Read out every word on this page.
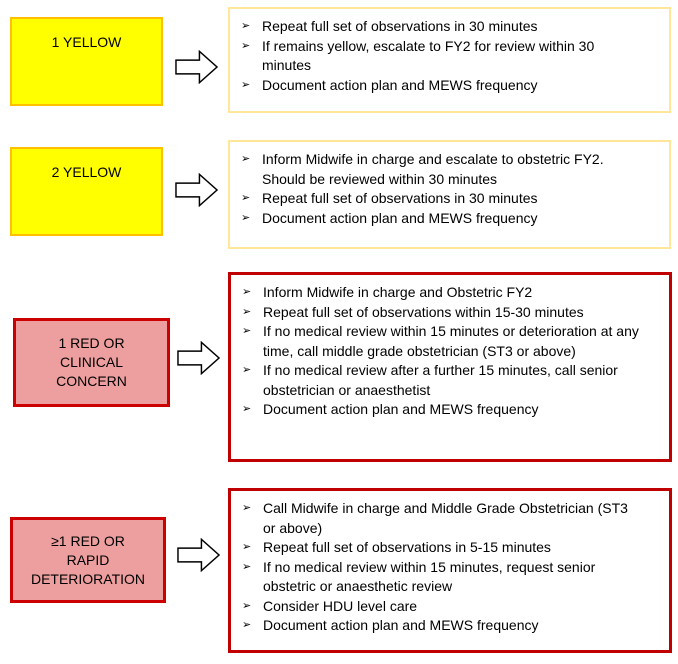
1 YELLOW
➢ Repeat full set of observations in 30 minutes
➢ If remains yellow, escalate to FY2 for review within 30 minutes
➢ Document action plan and MEWS frequency
2 YELLOW
➢ Inform Midwife in charge and escalate to obstetric FY2. Should be reviewed within 30 minutes
➢ Repeat full set of observations in 30 minutes
➢ Document action plan and MEWS frequency
1 RED OR
CLINICAL
CONCERN
➢ Inform Midwife in charge and Obstetric FY2
➢ Repeat full set of observations within 15-30 minutes
➢ If no medical review within 15 minutes or deterioration at any time, call middle grade obstetrician (ST3 or above)
➢ If no medical review after a further 15 minutes, call senior obstetrician or anaesthetist
➢ Document action plan and MEWS frequency
≥1 RED OR
RAPID
DETERIORATION
➢ Call Midwife in charge and Middle Grade Obstetrician (ST3 or above)
➢ Repeat full set of observations in 5-15 minutes
➢ If no medical review within 15 minutes, request senior obstetric or anaesthetic review
➢ Consider HDU level care
➢ Document action plan and MEWS frequency
